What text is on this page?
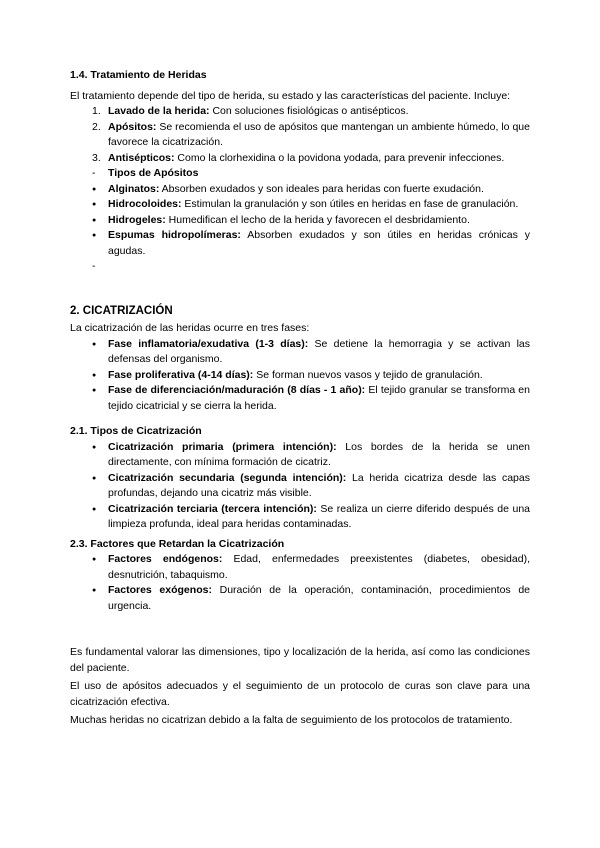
1.4. Tratamiento de Heridas

El tratamiento depende del tipo de herida, su estado y las características del paciente. Incluye:

1. Lavado de la herida: Con soluciones fisiológicas o antisépticos.
2. Apósitos: Se recomienda el uso de apósitos que mantengan un ambiente húmedo, lo que favorece la cicatrización.
3. Antisépticos: Como la clorhexidina o la povidona yodada, para prevenir infecciones.
-	Tipos de Apósitos
●	Alginatos: Absorben exudados y son ideales para heridas con fuerte exudación.
●	Hidrocoloides: Estimulan la granulación y son útiles en heridas en fase de granulación.
●	Hidrogeles: Humedifican el lecho de la herida y favorecen el desbridamiento.
●	Espumas hidropolímeras: Absorben exudados y son útiles en heridas crónicas y agudas.
-
2. CICATRIZACIÓN

La cicatrización de las heridas ocurre en tres fases:

●	Fase inflamatoria/exudativa (1-3 días): Se detiene la hemorragia y se activan las defensas del organismo.
●	Fase proliferativa (4-14 días): Se forman nuevos vasos y tejido de granulación.
●	Fase de diferenciación/maduración (8 días - 1 año): El tejido granular se transforma en tejido cicatricial y se cierra la herida.
2.1. Tipos de Cicatrización
●	Cicatrización primaria (primera intención): Los bordes de la herida se unen directamente, con mínima formación de cicatriz.
●	Cicatrización secundaria (segunda intención): La herida cicatriza desde las capas profundas, dejando una cicatriz más visible.
●	Cicatrización terciaria (tercera intención): Se realiza un cierre diferido después de una limpieza profunda, ideal para heridas contaminadas.
2.3. Factores que Retardan la Cicatrización
●	Factores endógenos: Edad, enfermedades preexistentes (diabetes, obesidad), desnutrición, tabaquismo.
●	Factores exógenos: Duración de la operación, contaminación, procedimientos de urgencia.

Es fundamental valorar las dimensiones, tipo y localización de la herida, así como las condiciones del paciente.

El uso de apósitos adecuados y el seguimiento de un protocolo de curas son clave para una cicatrización efectiva.

Muchas heridas no cicatrizan debido a la falta de seguimiento de los protocolos de tratamiento.
